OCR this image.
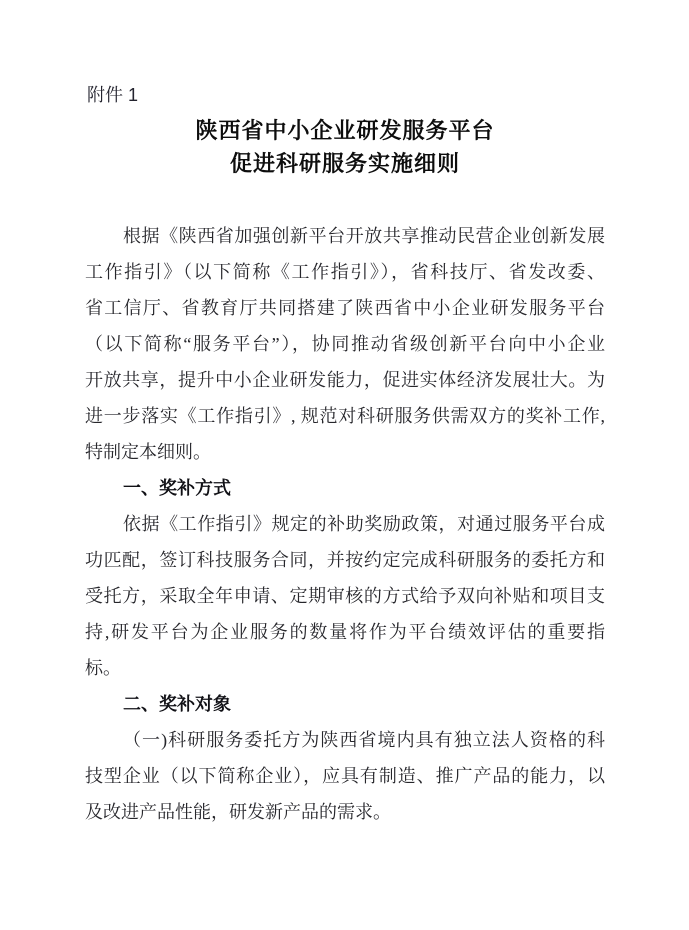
附件 1
陕西省中小企业研发服务平台
促进科研服务实施细则
根据《陕西省加强创新平台开放共享推动民营企业创新发展
工作指引》（以下简称《工作指引》），省科技厅、省发改委、
省工信厅、省教育厅共同搭建了陕西省中小企业研发服务平台
（以下简称“服务平台”），协同推动省级创新平台向中小企业
开放共享，提升中小企业研发能力，促进实体经济发展壮大。为
进一步落实《工作指引》, 规范对科研服务供需双方的奖补工作,
特制定本细则。
一、奖补方式
依据《工作指引》规定的补助奖励政策，对通过服务平台成
功匹配，签订科技服务合同，并按约定完成科研服务的委托方和
受托方，采取全年申请、定期审核的方式给予双向补贴和项目支
持,研发平台为企业服务的数量将作为平台绩效评估的重要指
标。
二、奖补对象
（一)科研服务委托方为陕西省境内具有独立法人资格的科
技型企业（以下简称企业），应具有制造、推广产品的能力，以
及改进产品性能，研发新产品的需求。
